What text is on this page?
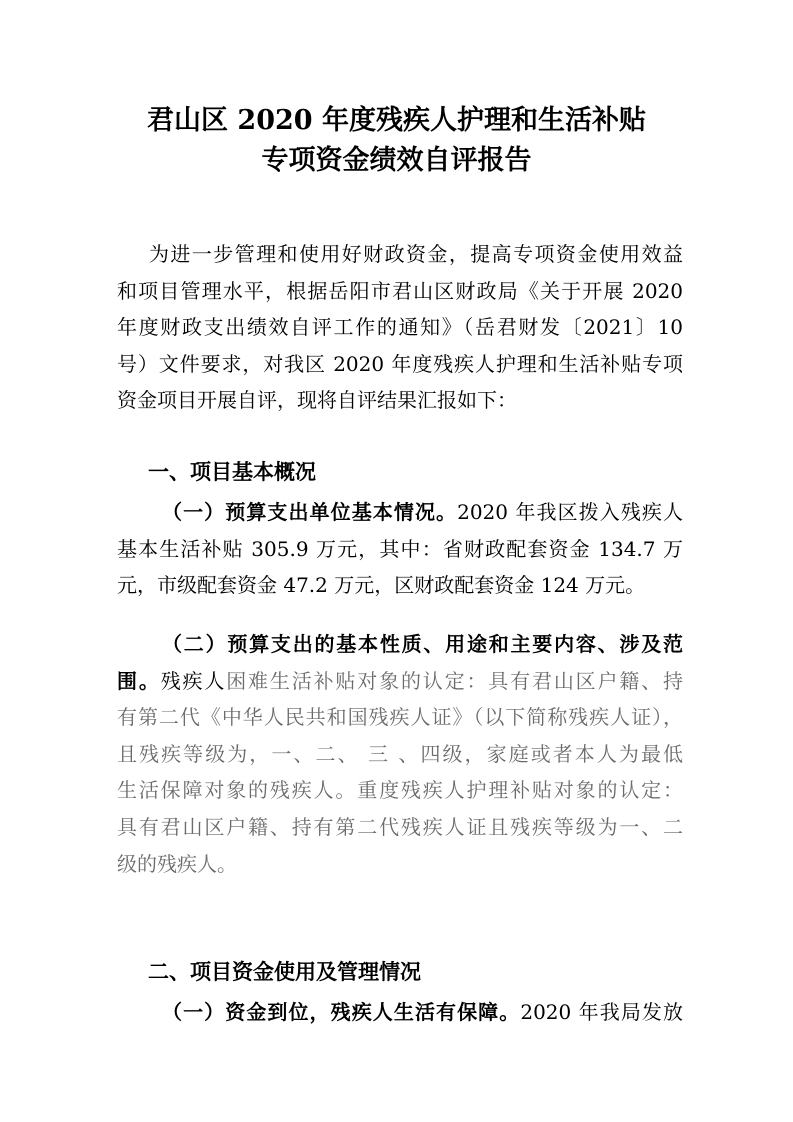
君山区 2020 年度残疾人护理和生活补贴
专项资金绩效自评报告
为进一步管理和使用好财政资金，提高专项资金使用效益
和项目管理水平，根据岳阳市君山区财政局《关于开展 2020
年度财政支出绩效自评工作的通知》（岳君财发〔2021〕10
号）文件要求，对我区 2020 年度残疾人护理和生活补贴专项
资金项目开展自评，现将自评结果汇报如下：
一、项目基本概况
（一）预算支出单位基本情况。2020 年我区拨入残疾人
基本生活补贴 305.9 万元，其中：省财政配套资金 134.7 万
元，市级配套资金 47.2 万元，区财政配套资金 124 万元。
（二）预算支出的基本性质、用途和主要内容、涉及范
围。残疾人困难生活补贴对象的认定：具有君山区户籍、持
有第二代《中华人民共和国残疾人证》（以下简称残疾人证），
且残疾等级为，一、二、 三 、四级，家庭或者本人为最低
生活保障对象的残疾人。重度残疾人护理补贴对象的认定：
具有君山区户籍、持有第二代残疾人证且残疾等级为一、二
级的残疾人。
二、项目资金使用及管理情况
（一）资金到位，残疾人生活有保障。2020 年我局发放
